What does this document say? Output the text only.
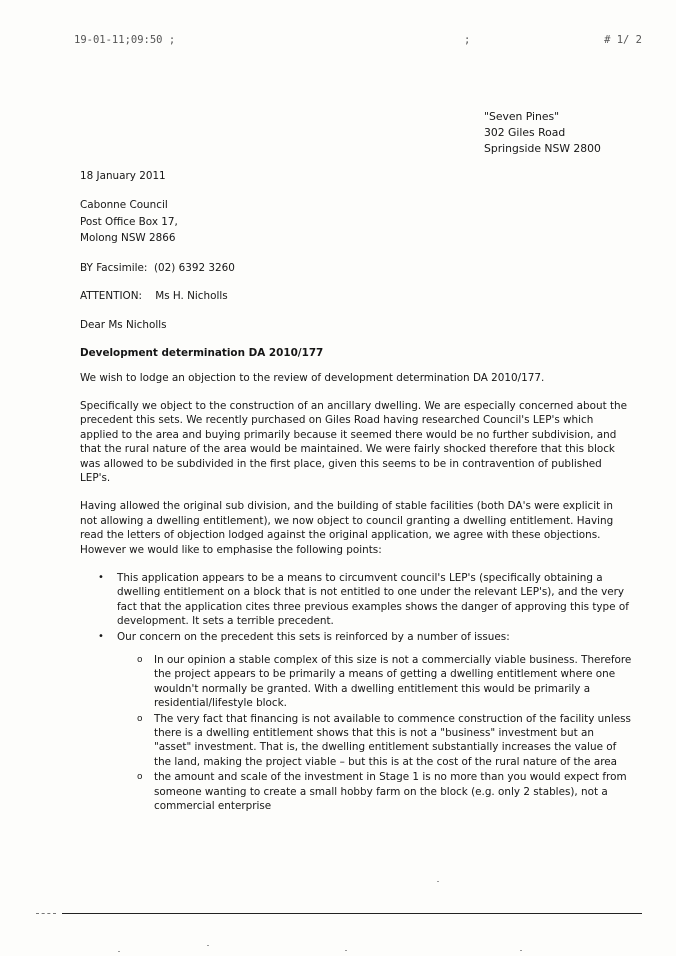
19-01-11;09:50 ;	;	# 1/ 2
"Seven Pines"
302 Giles Road
Springside NSW 2800

18 January 2011

Cabonne Council
Post Office Box 17,
Molong NSW 2866

BY Facsimile:  (02) 6392 3260

ATTENTION:    Ms H. Nicholls

Dear Ms Nicholls

Development determination DA 2010/177

We wish to lodge an objection to the review of development determination DA 2010/177.

Specifically we object to the construction of an ancillary dwelling. We are especially concerned about the precedent this sets. We recently purchased on Giles Road having researched Council's LEP's which applied to the area and buying primarily because it seemed there would be no further subdivision, and that the rural nature of the area would be maintained. We were fairly shocked therefore that this block was allowed to be subdivided in the first place, given this seems to be in contravention of published LEP's.

Having allowed the original sub division, and the building of stable facilities (both DA's were explicit in not allowing a dwelling entitlement), we now object to council granting a dwelling entitlement. Having read the letters of objection lodged against the original application, we agree with these objections. However we would like to emphasise the following points:

• This application appears to be a means to circumvent council's LEP's (specifically obtaining a dwelling entitlement on a block that is not entitled to one under the relevant LEP's), and the very fact that the application cites three previous examples shows the danger of approving this type of development. It sets a terrible precedent.
• Our concern on the precedent this sets is reinforced by a number of issues:
o In our opinion a stable complex of this size is not a commercially viable business. Therefore the project appears to be primarily a means of getting a dwelling entitlement where one wouldn't normally be granted. With a dwelling entitlement this would be primarily a residential/lifestyle block.
o The very fact that financing is not available to commence construction of the facility unless there is a dwelling entitlement shows that this is not a "business" investment but an "asset" investment. That is, the dwelling entitlement substantially increases the value of the land, making the project viable – but this is at the cost of the rural nature of the area
o the amount and scale of the investment in Stage 1 is no more than you would expect from someone wanting to create a small hobby farm on the block (e.g. only 2 stables), not a commercial enterprise
